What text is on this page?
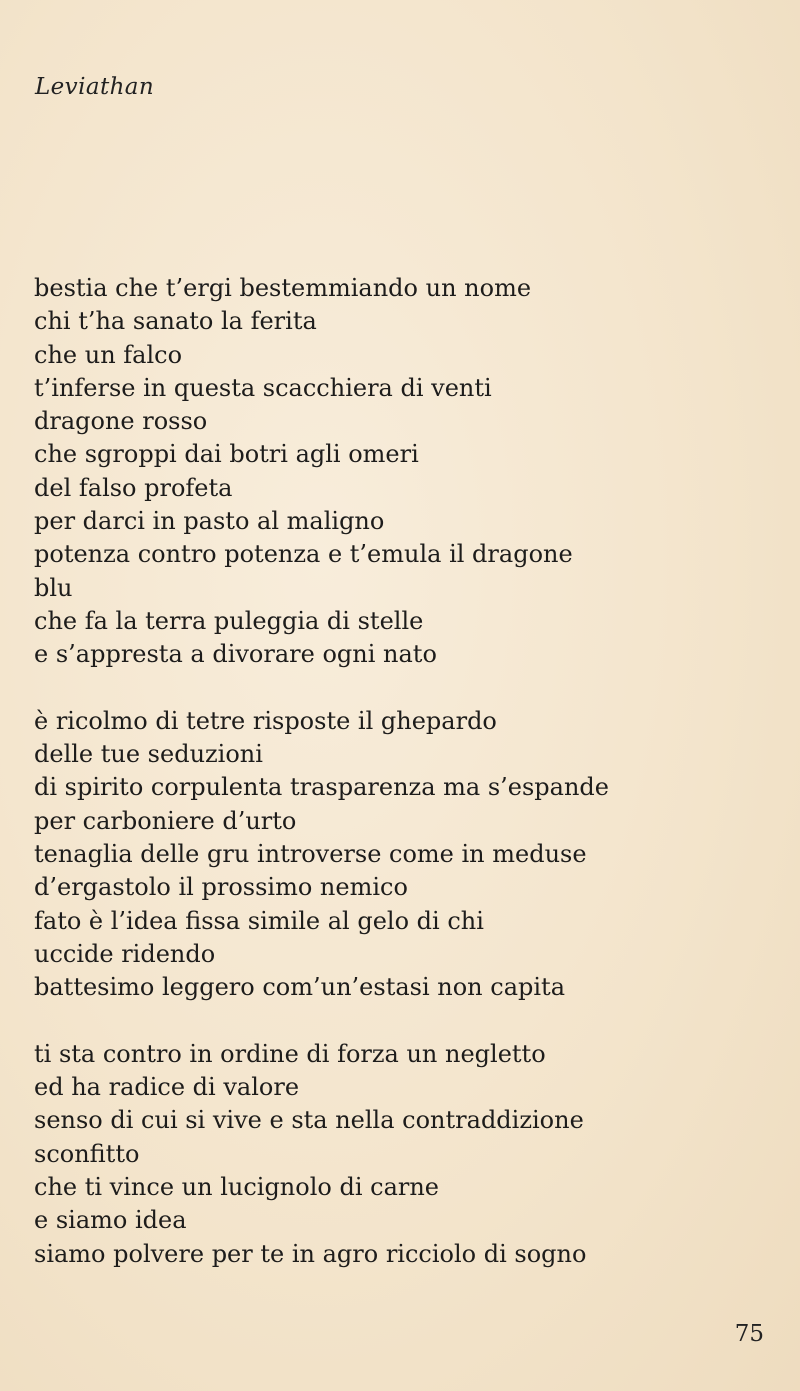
Leviathan
bestia che t’ergi bestemmiando un nome
chi t’ha sanato la ferita
che un falco
t’inferse in questa scacchiera di venti
dragone rosso
che sgroppi dai botri agli omeri
del falso profeta
per darci in pasto al maligno
potenza contro potenza e t’emula il dragone
blu
che fa la terra puleggia di stelle
e s’appresta a divorare ogni nato
è ricolmo di tetre risposte il ghepardo
delle tue seduzioni
di spirito corpulenta trasparenza ma s’espande
per carboniere d’urto
tenaglia delle gru introverse come in meduse
d’ergastolo il prossimo nemico
fato è l’idea fissa simile al gelo di chi
uccide ridendo
battesimo leggero com’un’estasi non capita
ti sta contro in ordine di forza un negletto
ed ha radice di valore
senso di cui si vive e sta nella contraddizione
sconfitto
che ti vince un lucignolo di carne
e siamo idea
siamo polvere per te in agro ricciolo di sogno
75
